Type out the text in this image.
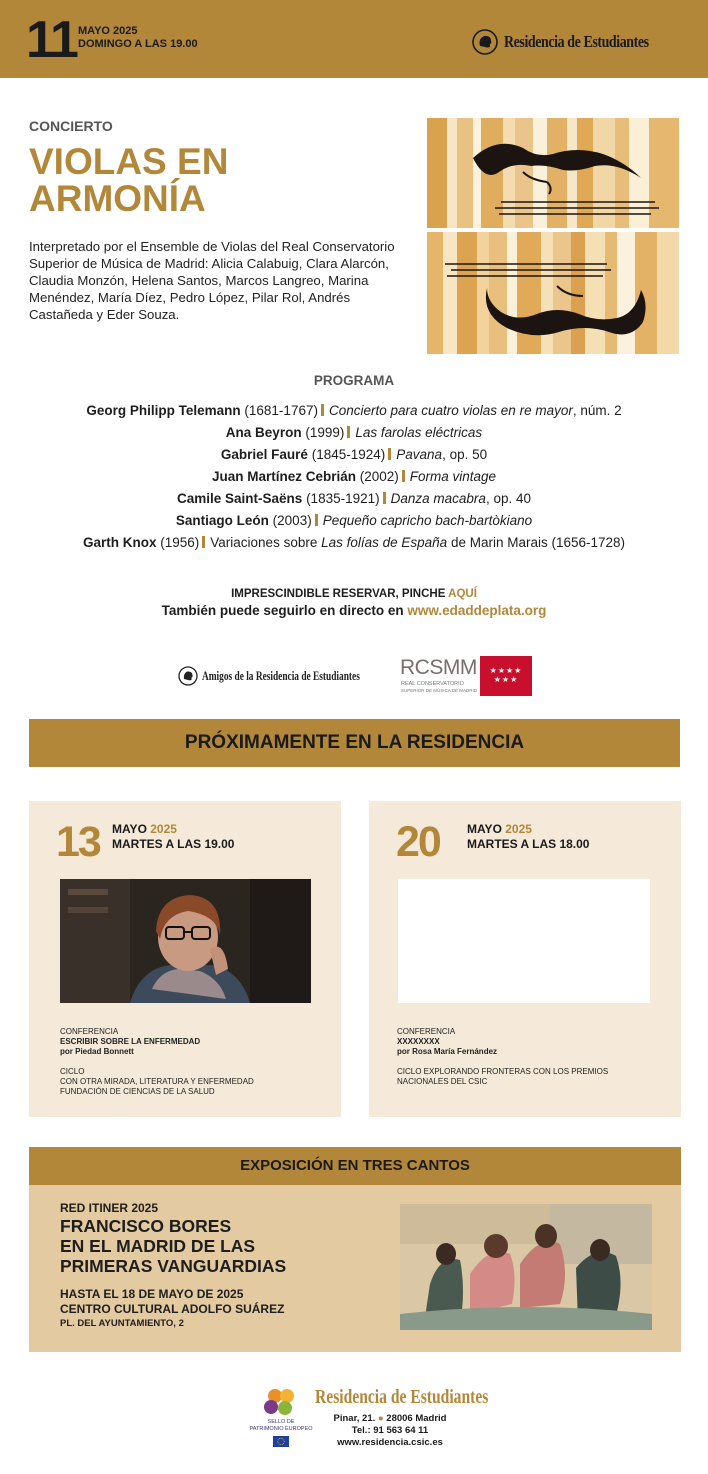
11 MAYO 2025
DOMINGO A LAS 19.00	Residencia de Estudiantes
CONCIERTO
VIOLAS EN
ARMONÍA
Interpretado por el Ensemble de Violas del Real Conservatorio Superior de Música de Madrid: Alicia Calabuig, Clara Alarcón, Claudia Monzón, Helena Santos, Marcos Langreo, Marina Menéndez, María Díez, Pedro López, Pilar Rol, Andrés Castañeda y Eder Souza.
PROGRAMA
Georg Philipp Telemann (1681-1767) Concierto para cuatro violas en re mayor, núm. 2
Ana Beyron (1999) Las farolas eléctricas
Gabriel Fauré (1845-1924) Pavana, op. 50
Juan Martínez Cebrián (2002) Forma vintage
Camile Saint-Saëns (1835-1921) Danza macabra, op. 40
Santiago León (2003) Pequeño capricho bach-bartòkiano
Garth Knox (1956) Variaciones sobre Las folías de España de Marin Marais (1656-1728)
IMPRESCINDIBLE RESERVAR, PINCHE AQUÍ
También puede seguirlo en directo en www.edaddeplata.org
Amigos de la Residencia de Estudiantes RCSMM
REAL CONSERVATORIO
SUPERIOR DE MÚSICA DE MADRID
★★★★
★★★
PRÓXIMAMENTE EN LA RESIDENCIA
13 MAYO 2025
MARTES A LAS 19.00
CONFERENCIA
ESCRIBIR SOBRE LA ENFERMEDAD
por Piedad Bonnett
CICLO
CON OTRA MIRADA, LITERATURA Y ENFERMEDAD
FUNDACIÓN DE CIENCIAS DE LA SALUD
20 MAYO 2025
MARTES A LAS 18.00
CONFERENCIA
XXXXXXXX
por Rosa María Fernández
CICLO EXPLORANDO FRONTERAS CON LOS PREMIOS
NACIONALES DEL CSIC
EXPOSICIÓN EN TRES CANTOS
RED ITINER 2025
FRANCISCO BORES
EN EL MADRID DE LAS
PRIMERAS VANGUARDIAS
HASTA EL 18 DE MAYO DE 2025
CENTRO CULTURAL ADOLFO SUÁREZ
PL. DEL AYUNTAMIENTO, 2
SELLO DE
PATRIMONIO EUROPEO
Residencia de Estudiantes
Pinar, 21. ● 28006 Madrid
Tel.: 91 563 64 11
www.residencia.csic.es
